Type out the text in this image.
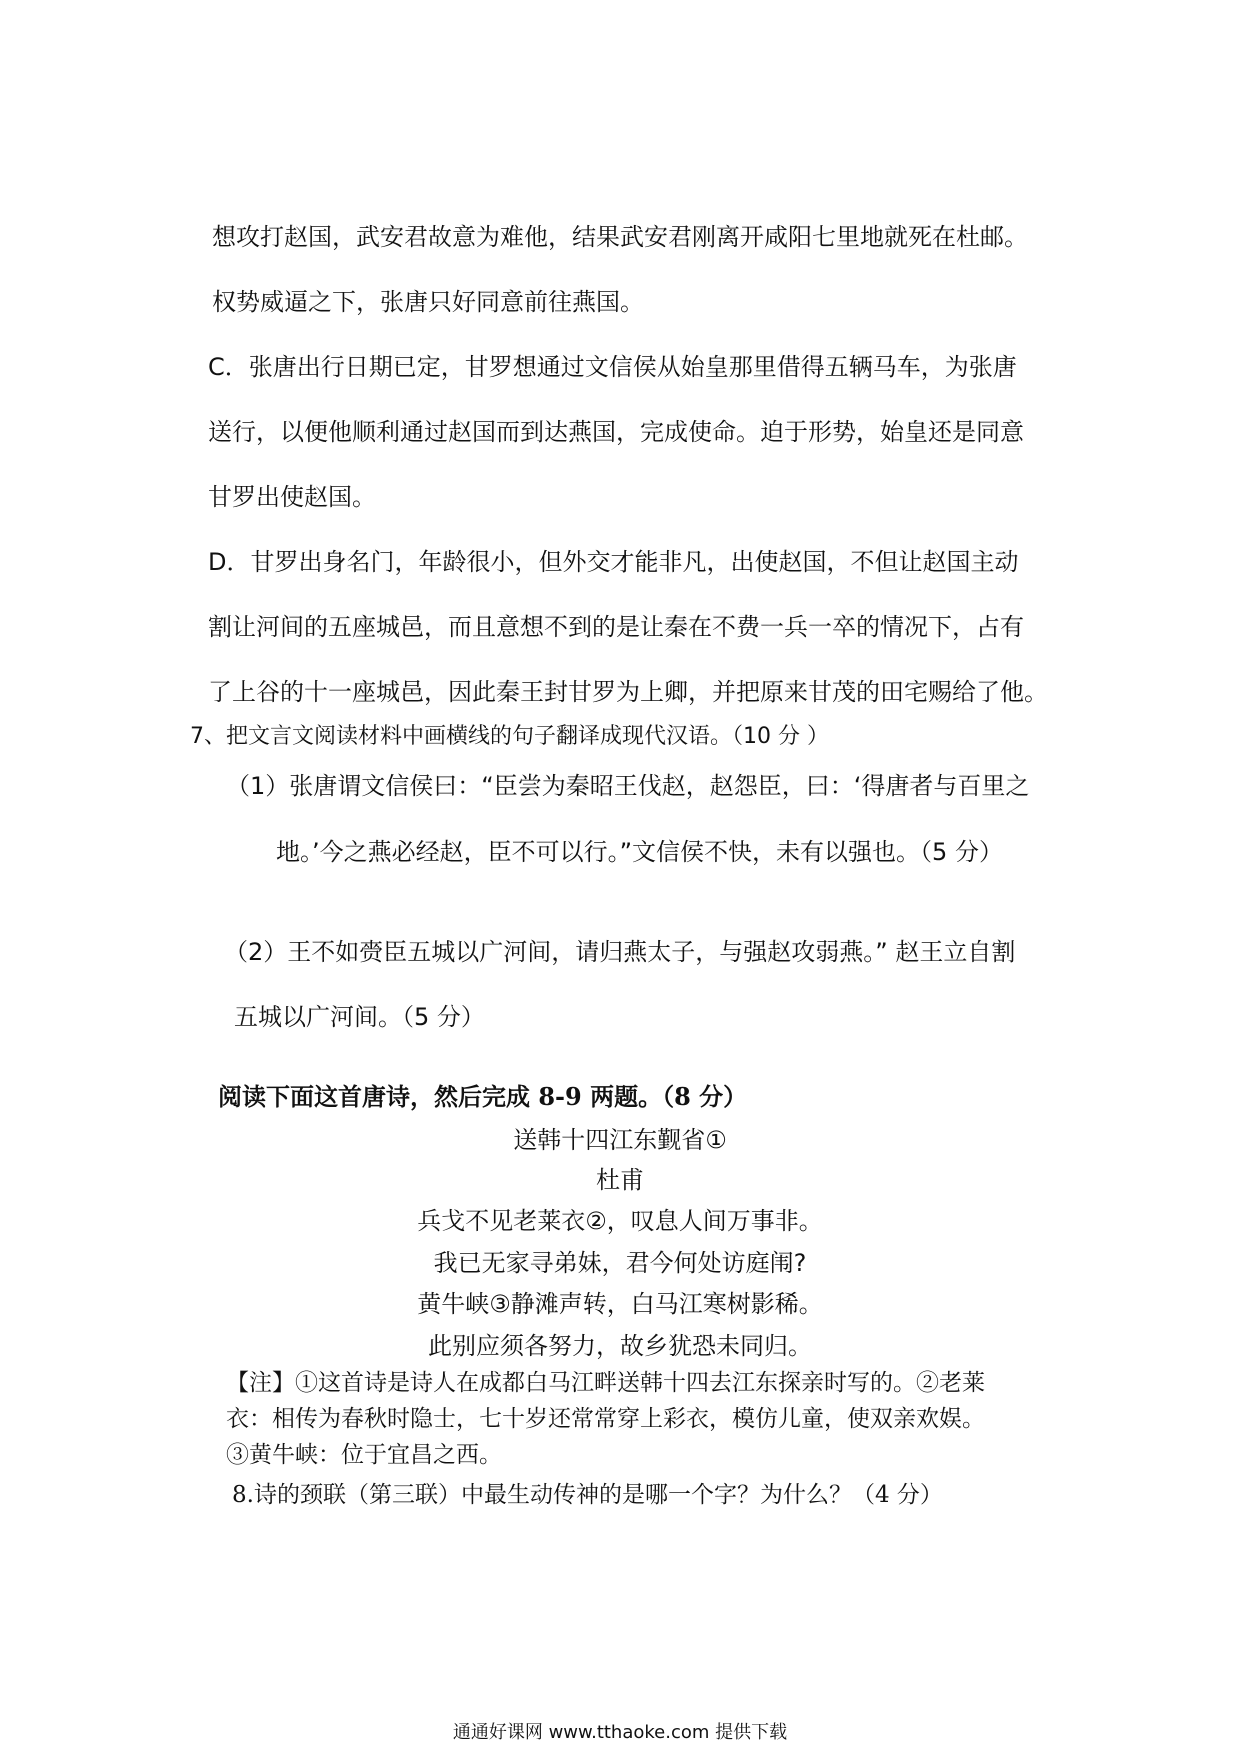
想攻打赵国，武安君故意为难他，结果武安君刚离开咸阳七里地就死在杜邮。
权势威逼之下，张唐只好同意前往燕国。
C．张唐出行日期已定，甘罗想通过文信侯从始皇那里借得五辆马车，为张唐
送行，以便他顺利通过赵国而到达燕国，完成使命。迫于形势，始皇还是同意
甘罗出使赵国。
D．甘罗出身名门，年龄很小，但外交才能非凡，出使赵国，不但让赵国主动
割让河间的五座城邑，而且意想不到的是让秦在不费一兵一卒的情况下，占有
了上谷的十一座城邑，因此秦王封甘罗为上卿，并把原来甘茂的田宅赐给了他。
7、把文言文阅读材料中画横线的句子翻译成现代汉语。（10 分 ）
（1）张唐谓文信侯曰：“臣尝为秦昭王伐赵，赵怨臣，曰：‘得唐者与百里之
地。’今之燕必经赵，臣不可以行。”文信侯不快，未有以强也。（5 分）
（2）王不如赍臣五城以广河间，请归燕太子，与强赵攻弱燕。” 赵王立自割
五城以广河间。（5 分）
阅读下面这首唐诗，然后完成 8-9 两题。（8 分）
送韩十四江东觐省①
杜甫
兵戈不见老莱衣②，叹息人间万事非。
我已无家寻弟妹，君今何处访庭闱?
黄牛峡③静滩声转，白马江寒树影稀。
此别应须各努力，故乡犹恐未同归。
【注】①这首诗是诗人在成都白马江畔送韩十四去江东探亲时写的。②老莱
衣：相传为春秋时隐士，七十岁还常常穿上彩衣，模仿儿童，使双亲欢娱。
③黄牛峡：位于宜昌之西。
8.诗的颈联（第三联）中最生动传神的是哪一个字？为什么？（4 分）
通通好课网 www.tthaoke.com 提供下载
